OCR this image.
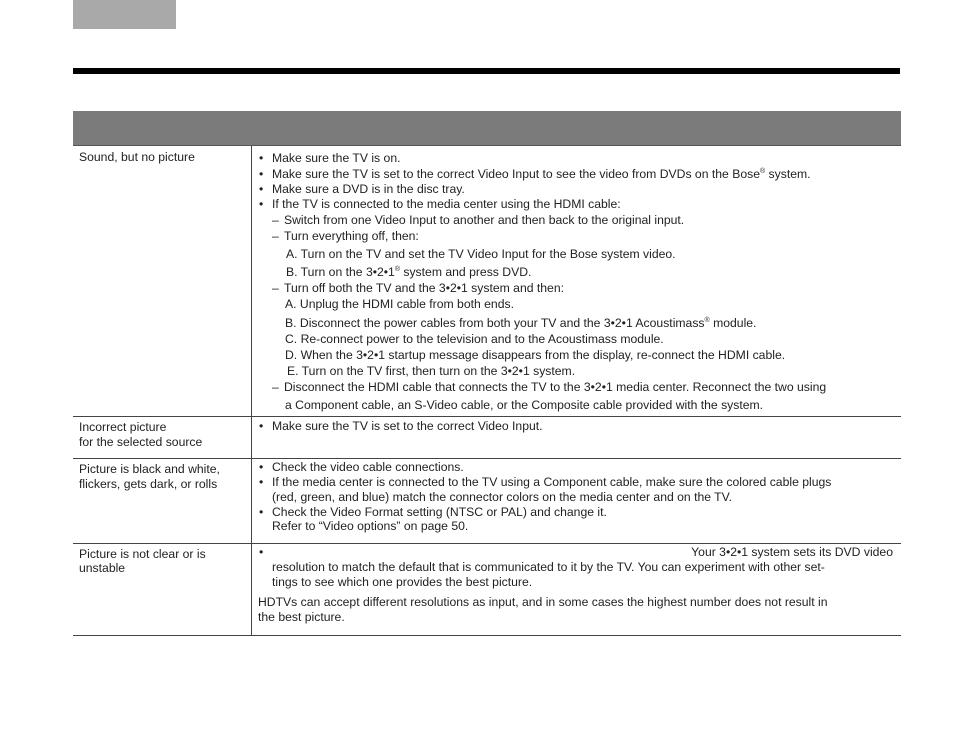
Sound, but no picture
•	Make sure the TV is on.
• Make sure the TV is set to the correct Video Input to see the video from DVDs on the Bose® system.
• Make sure a DVD is in the disc tray.
• If the TV is connected to the media center using the HDMI cable:
– Switch from one Video Input to another and then back to the original input.
– Turn everything off, then:
A. Turn on the TV and set the TV Video Input for the Bose system video.
B. Turn on the 3•2•1® system and press DVD.
– Turn off both the TV and the 3•2•1 system and then:
A. Unplug the HDMI cable from both ends.
B. Disconnect the power cables from both your TV and the 3•2•1 Acoustimass® module.
C. Re-connect power to the television and to the Acoustimass module.
D. When the 3•2•1 startup message disappears from the display, re-connect the HDMI cable.
E. Turn on the TV first, then turn on the 3•2•1 system.
– Disconnect the HDMI cable that connects the TV to the 3•2•1 media center. Reconnect the two using
a Component cable, an S-Video cable, or the Composite cable provided with the system.
Incorrect picture
for the selected source
• Make sure the TV is set to the correct Video Input.
Picture is black and white,
flickers, gets dark, or rolls
• Check the video cable connections.
• If the media center is connected to the TV using a Component cable, make sure the colored cable plugs
(red, green, and blue) match the connector colors on the media center and on the TV.
• Check the Video Format setting (NTSC or PAL) and change it.
Refer to “Video options” on page 50.
Picture is not clear or is
unstable
• Your 3•2•1 system sets its DVD video
resolution to match the default that is communicated to it by the TV. You can experiment with other set-
tings to see which one provides the best picture.
HDTVs can accept different resolutions as input, and in some cases the highest number does not result in
the best picture.
